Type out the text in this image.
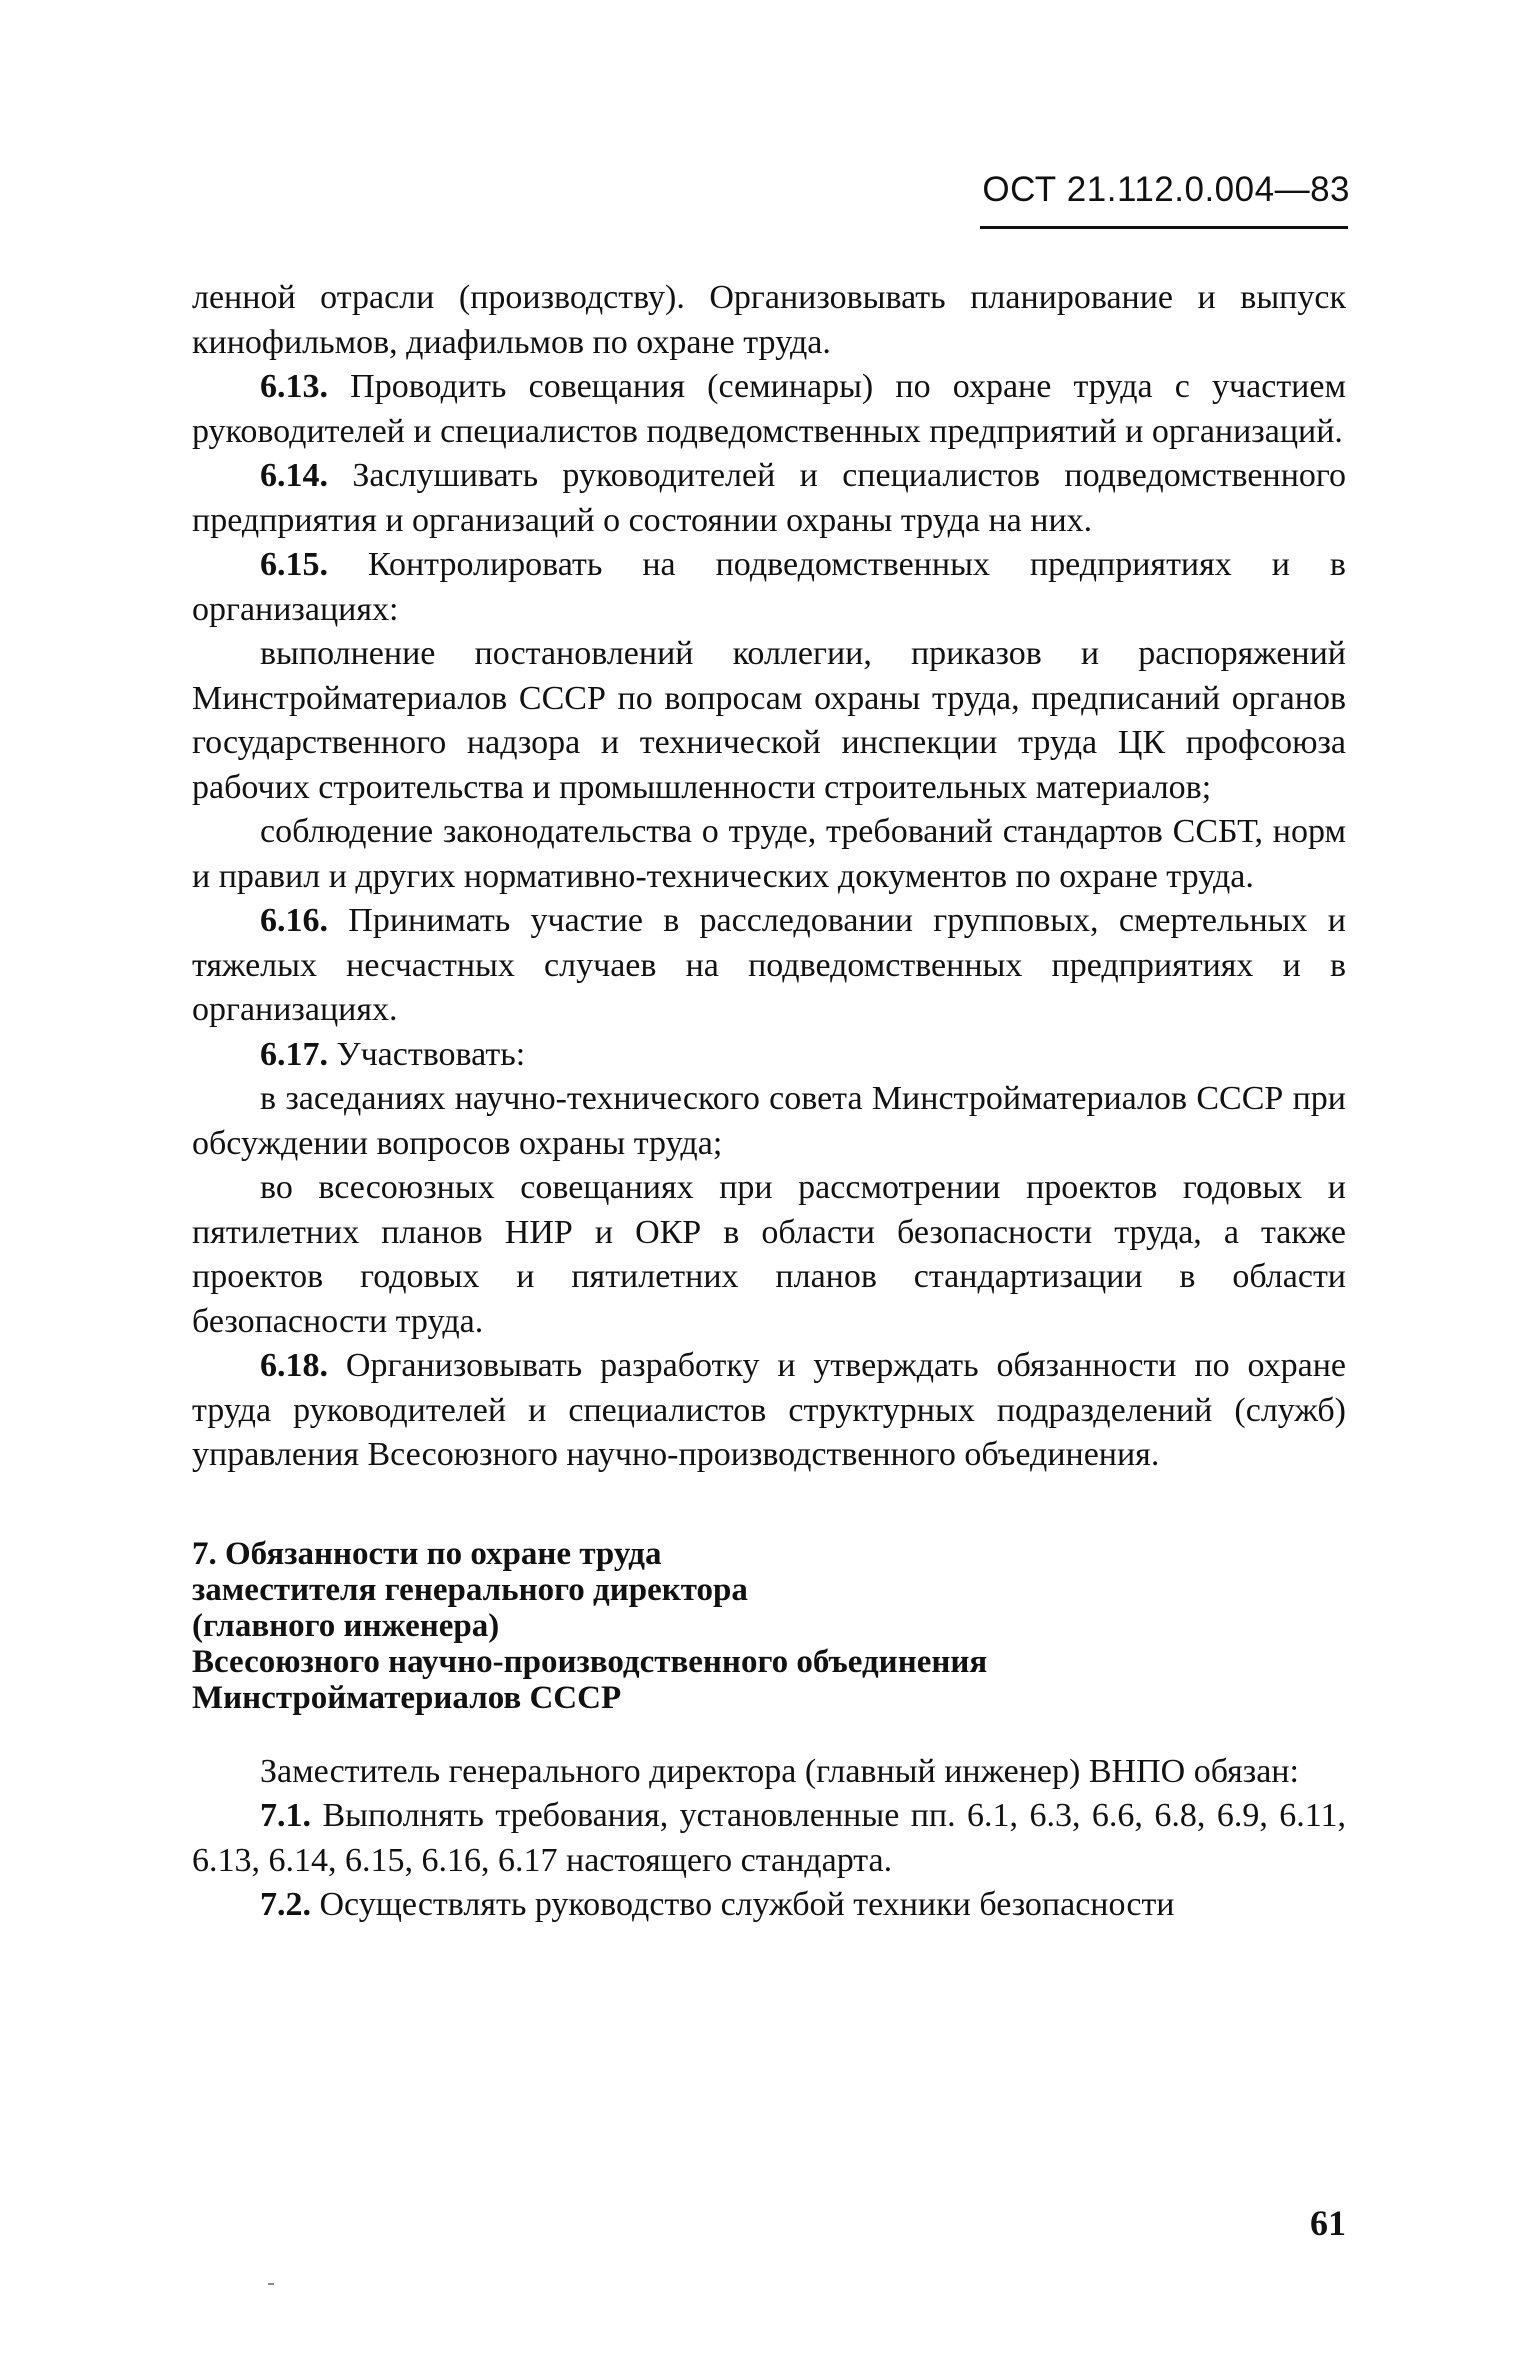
ОСТ 21.112.0.004—83

ленной отрасли (производству). Организовывать планирование и выпуск кинофильмов, диафильмов по охране труда.

6.13. Проводить совещания (семинары) по охране труда с участием руководителей и специалистов подведомственных предприятий и организаций.

6.14. Заслушивать руководителей и специалистов подведомственного предприятия и организаций о состоянии охраны труда на них.

6.15. Контролировать на подведомственных предприятиях и в организациях:

выполнение постановлений коллегии, приказов и распоряжений Минстройматериалов СССР по вопросам охраны труда, предписаний органов государственного надзора и технической инспекции труда ЦК профсоюза рабочих строительства и промышленности строительных материалов;

соблюдение законодательства о труде, требований стандартов ССБТ, норм и правил и других нормативно-технических документов по охране труда.

6.16. Принимать участие в расследовании групповых, смертельных и тяжелых несчастных случаев на подведомственных предприятиях и в организациях.

6.17. Участвовать:

в заседаниях научно-технического совета Минстройматериалов СССР при обсуждении вопросов охраны труда;

во всесоюзных совещаниях при рассмотрении проектов годовых и пятилетних планов НИР и ОКР в области безопасности труда, а также проектов годовых и пятилетних планов стандартизации в области безопасности труда.

6.18. Организовывать разработку и утверждать обязанности по охране труда руководителей и специалистов структурных подразделений (служб) управления Всесоюзного научно-производственного объединения.

7. Обязанности по охране труда
заместителя генерального директора
(главного инженера)
Всесоюзного научно-производственного объединения
Минстройматериалов СССР

Заместитель генерального директора (главный инженер) ВНПО обязан:

7.1. Выполнять требования, установленные пп. 6.1, 6.3, 6.6, 6.8, 6.9, 6.11, 6.13, 6.14, 6.15, 6.16, 6.17 настоящего стандарта.

7.2. Осуществлять руководство службой техники безопасности

61
